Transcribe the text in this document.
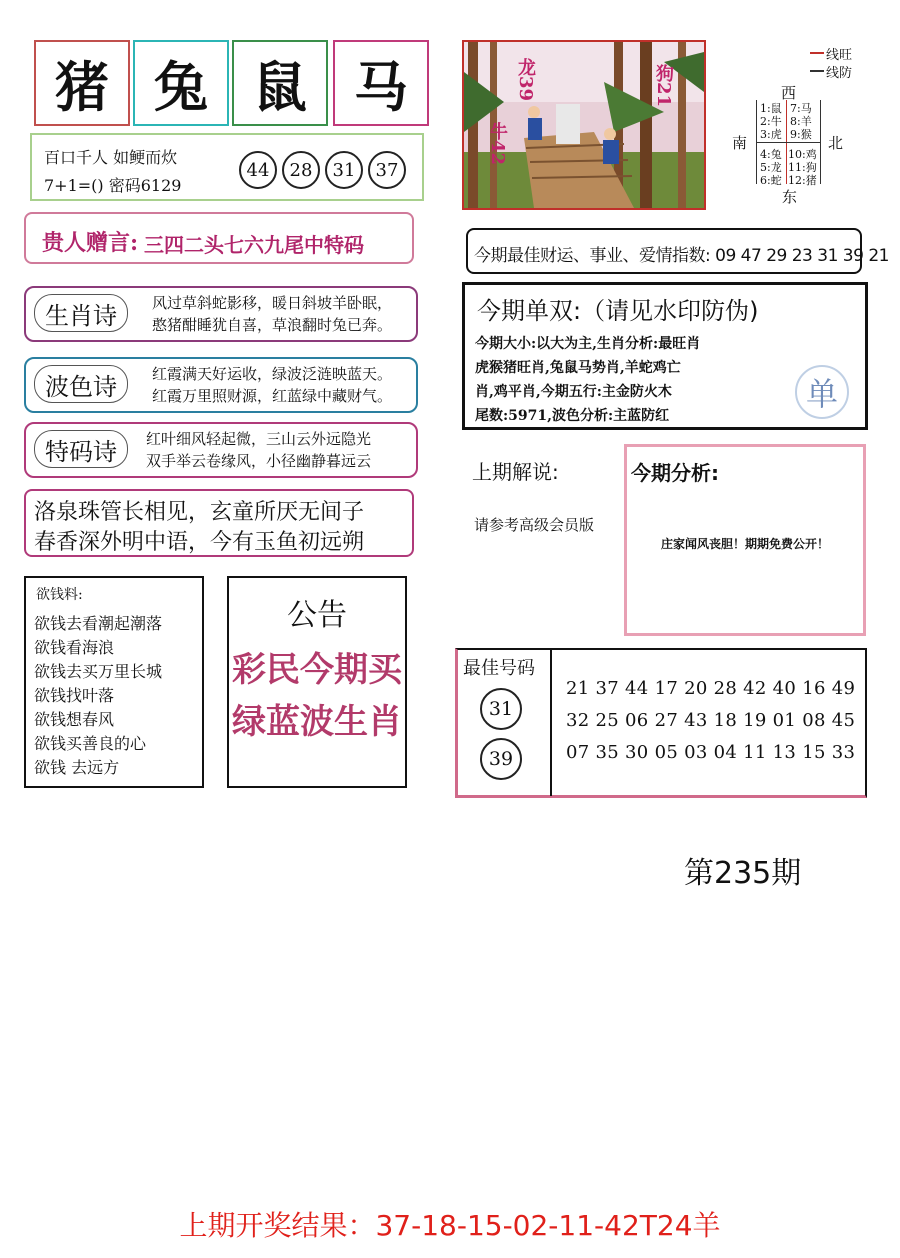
猪 兔 鼠 马
百口千人 如鲠而炊
7+1=() 密码6129
44	28	31	37
贵人赠言: 三四二头七六九尾中特码
生肖诗	风过草斜蛇影移，暖日斜坡羊卧眠，
憨猪酣睡犹自喜，草浪翻时兔已奔。
波色诗	红霞满天好运收，绿波泛涟映蓝天。
红霞万里照财源，红蓝绿中藏财气。
特码诗	红叶细风轻起微，三山云外远隐光
双手举云卷缘风，小径幽静暮远云
洛泉珠管长相见，玄童所厌无间子
春香深外明中语，今有玉鱼初远朔
欲钱料:
欲钱去看潮起潮落
欲钱看海浪
欲钱去买万里长城
欲钱找叶落
欲钱想春风
欲钱买善良的心
欲钱 去远方
公告
彩民今期买
绿蓝波生肖
龙39
牛42
狗21
线旺
线防
西
南	北
东
1:鼠
2:牛
3:虎
7:马
8:羊
9:猴
4:兔
5:龙
6:蛇
10:鸡
11:狗
12:猪
今期最佳财运、事业、爱情指数: 09 47 29 23 31 39 21
今期单双:（请见水印防伪)
今期大小:以大为主,生肖分析:最旺肖
虎猴猪旺肖,兔鼠马势肖,羊蛇鸡亡
肖,鸡平肖,今期五行:主金防火木
尾数:5971,波色分析:主蓝防红
单
上期解说:
请参考高级会员版
今期分析:
庄家闻风丧胆！期期免费公开！
最佳号码
31
39
21 37 44 17 20 28 42 40 16 49
32 25 06 27 43 18 19 01 08 45
07 35 30 05 03 04 11 13 15 33
第235期
上期开奖结果：37-18-15-02-11-42T24羊
